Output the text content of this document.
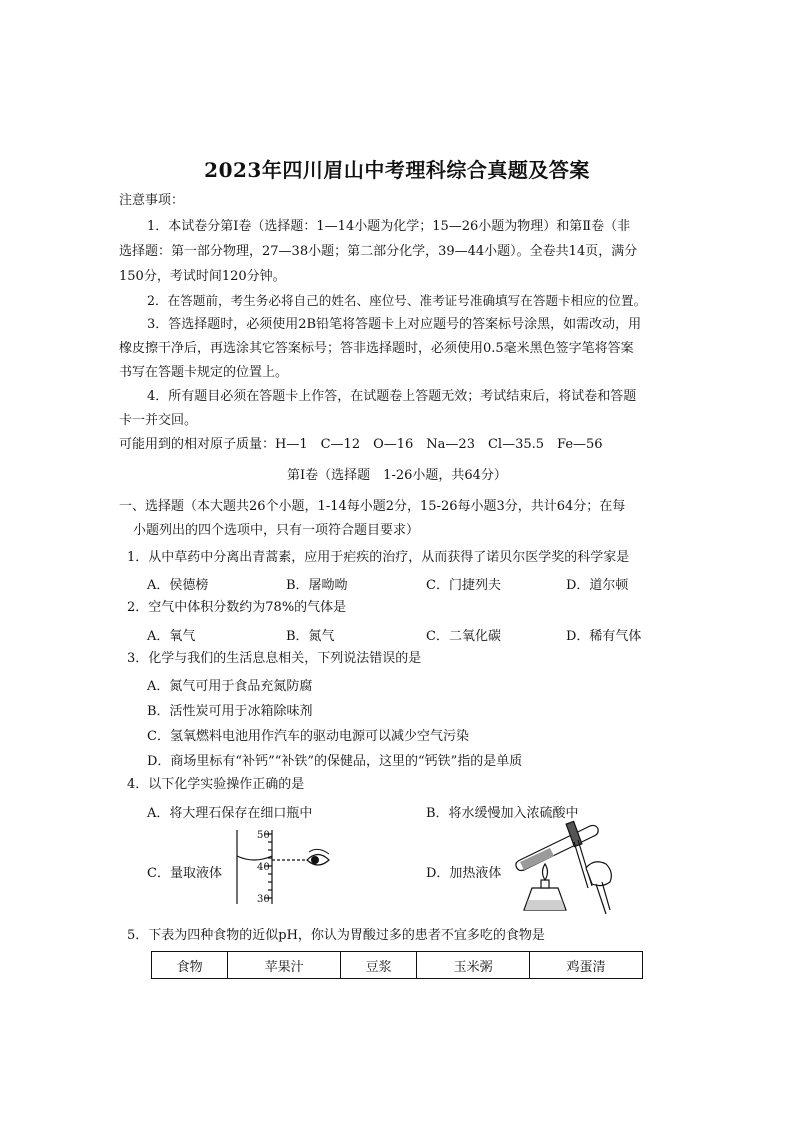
2023年四川眉山中考理科综合真题及答案
注意事项：
1．本试卷分第Ⅰ卷（选择题：1—14小题为化学；15—26小题为物理）和第Ⅱ卷（非
选择题：第一部分物理，27—38小题；第二部分化学，39—44小题）。全卷共14页，满分
150分，考试时间120分钟。
2．在答题前，考生务必将自己的姓名、座位号、准考证号准确填写在答题卡相应的位置。
3．答选择题时，必须使用2B铅笔将答题卡上对应题号的答案标号涂黑，如需改动，用
橡皮擦干净后，再选涂其它答案标号；答非选择题时，必须使用0.5毫米黑色签字笔将答案
书写在答题卡规定的位置上。
4．所有题目必须在答题卡上作答，在试题卷上答题无效；考试结束后，将试卷和答题
卡一并交回。
可能用到的相对原子质量：H—1　C—12　O—16　Na—23　Cl—35.5　Fe—56
第Ⅰ卷（选择题　1-26小题，共64分）
一、选择题（本大题共26个小题，1-14每小题2分，15-26每小题3分，共计64分；在每
小题列出的四个选项中，只有一项符合题目要求）
1．从中草药中分离出青蒿素，应用于疟疾的治疗，从而获得了诺贝尔医学奖的科学家是
A．侯德榜	B．屠呦呦	C．门捷列夫	D．道尔顿
2．空气中体积分数约为78%的气体是
A．氧气	B．氮气	C．二氧化碳	D．稀有气体
3．化学与我们的生活息息相关，下列说法错误的是
A．氮气可用于食品充氮防腐
B．活性炭可用于冰箱除味剂
C．氢氧燃料电池用作汽车的驱动电源可以减少空气污染
D．商场里标有“补钙”“补铁”的保健品，这里的“钙铁”指的是单质
4．以下化学实验操作正确的是
A．将大理石保存在细口瓶中	B．将水缓慢加入浓硫酸中
C．量取液体	D．加热液体
50
40
30
5．下表为四种食物的近似pH，你认为胃酸过多的患者不宜多吃的食物是
食物	苹果汁	豆浆	玉米粥	鸡蛋清
